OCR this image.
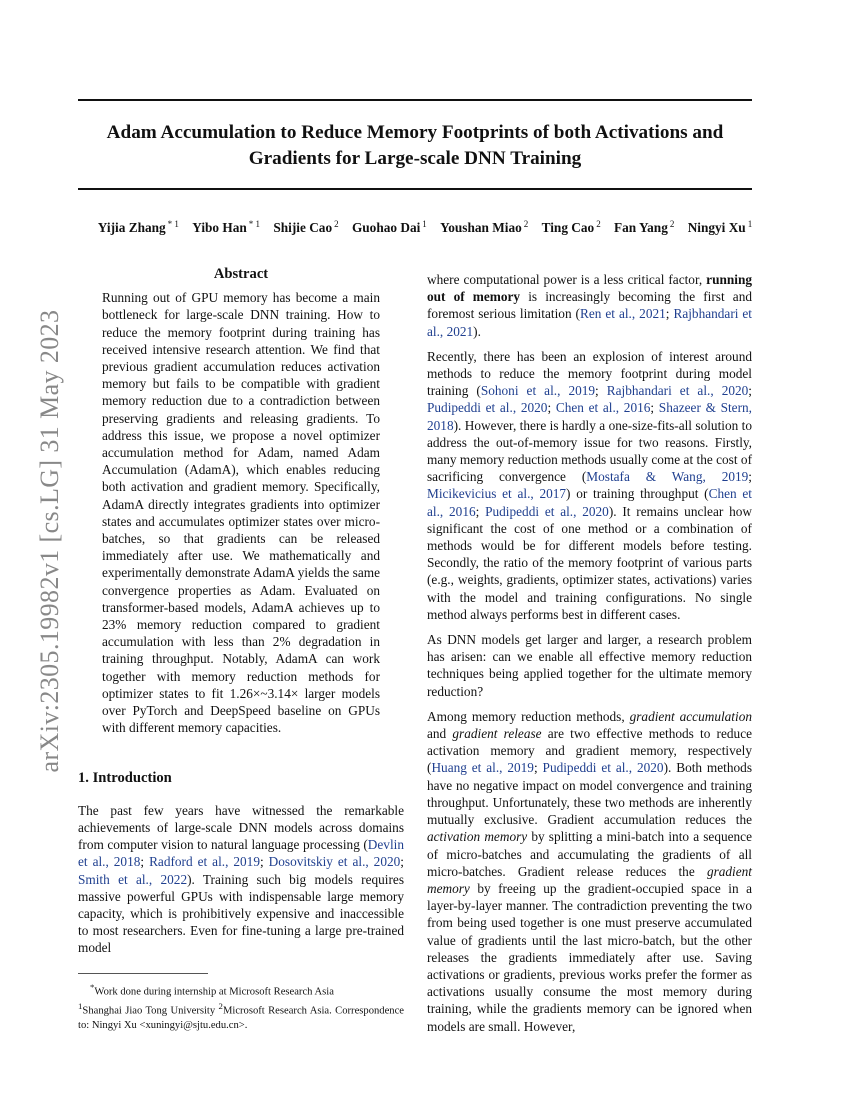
Adam Accumulation to Reduce Memory Footprints of both Activations and Gradients for Large-scale DNN Training
Yijia Zhang $^{* 1}$ Yibo Han $^{* 1}$ Shijie Cao $^2$ Guohao Dai $^1$ Youshan Miao $^2$ Ting Cao $^2$ Fan Yang $^2$ Ningyi Xu $^1$
arXiv:2305.19982v1 [cs.LG] 31 May 2023
Abstract

Running out of GPU memory has become a main bottleneck for large-scale DNN training. How to reduce the memory footprint during training has received intensive research attention. We find that previous gradient accumulation reduces activation memory but fails to be compatible with gradient memory reduction due to a contradiction between preserving gradients and releasing gradients. To address this issue, we propose a novel optimizer accumulation method for Adam, named Adam Accumulation (AdamA), which enables reducing both activation and gradient memory. Specifically, AdamA directly integrates gradients into optimizer states and accumulates optimizer states over micro-batches, so that gradients can be released immediately after use. We mathematically and experimentally demonstrate AdamA yields the same convergence properties as Adam. Evaluated on transformer-based models, AdamA achieves up to 23% memory reduction compared to gradient accumulation with less than 2% degradation in training throughput. Notably, AdamA can work together with memory reduction methods for optimizer states to fit 1.26×~3.14× larger models over PyTorch and DeepSpeed baseline on GPUs with different memory capacities.

1. Introduction

The past few years have witnessed the remarkable achievements of large-scale DNN models across domains from computer vision to natural language processing (Devlin et al., 2018; Radford et al., 2019; Dosovitskiy et al., 2020; Smith et al., 2022). Training such big models requires massive powerful GPUs with indispensable large memory capacity, which is prohibitively expensive and inaccessible to most researchers. Even for fine-tuning a large pre-trained model

*Work done during internship at Microsoft Research Asia
$^1$Shanghai Jiao Tong University $^2$Microsoft Research Asia. Correspondence to: Ningyi Xu <xuningyi@sjtu.edu.cn>.

where computational power is a less critical factor, running out of memory is increasingly becoming the first and foremost serious limitation (Ren et al., 2021; Rajbhandari et al., 2021).

Recently, there has been an explosion of interest around methods to reduce the memory footprint during model training (Sohoni et al., 2019; Rajbhandari et al., 2020; Pudipeddi et al., 2020; Chen et al., 2016; Shazeer & Stern, 2018). However, there is hardly a one-size-fits-all solution to address the out-of-memory issue for two reasons. Firstly, many memory reduction methods usually come at the cost of sacrificing convergence (Mostafa & Wang, 2019; Micikevicius et al., 2017) or training throughput (Chen et al., 2016; Pudipeddi et al., 2020). It remains unclear how significant the cost of one method or a combination of methods would be for different models before testing. Secondly, the ratio of the memory footprint of various parts (e.g., weights, gradients, optimizer states, activations) varies with the model and training configurations. No single method always performs best in different cases.

As DNN models get larger and larger, a research problem has arisen: can we enable all effective memory reduction techniques being applied together for the ultimate memory reduction?

Among memory reduction methods, gradient accumulation and gradient release are two effective methods to reduce activation memory and gradient memory, respectively (Huang et al., 2019; Pudipeddi et al., 2020). Both methods have no negative impact on model convergence and training throughput. Unfortunately, these two methods are inherently mutually exclusive. Gradient accumulation reduces the activation memory by splitting a mini-batch into a sequence of micro-batches and accumulating the gradients of all micro-batches. Gradient release reduces the gradient memory by freeing up the gradient-occupied space in a layer-by-layer manner. The contradiction preventing the two from being used together is one must preserve accumulated value of gradients until the last micro-batch, but the other releases the gradients immediately after use. Saving activations or gradients, previous works prefer the former as activations usually consume the most memory during training, while the gradients memory can be ignored when models are small. However,
